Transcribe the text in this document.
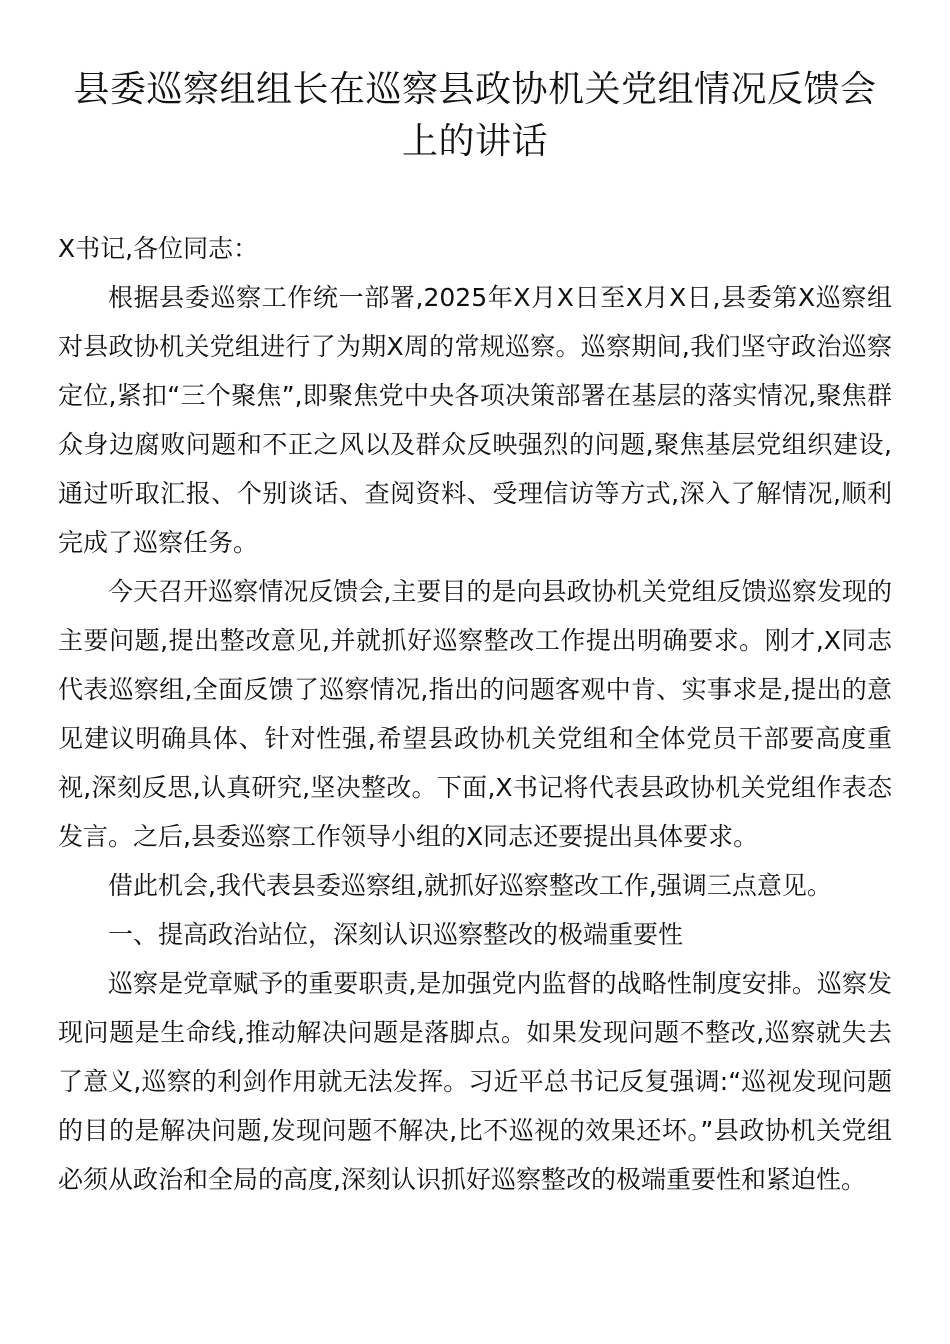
县委巡察组组长在巡察县政协机关党组情况反馈会上的讲话

X书记,各位同志：

根据县委巡察工作统一部署,2025年X月X日至X月X日,县委第X巡察组对县政协机关党组进行了为期X周的常规巡察。巡察期间,我们坚守政治巡察定位,紧扣“三个聚焦”,即聚焦党中央各项决策部署在基层的落实情况,聚焦群众身边腐败问题和不正之风以及群众反映强烈的问题,聚焦基层党组织建设,通过听取汇报、个别谈话、查阅资料、受理信访等方式,深入了解情况,顺利完成了巡察任务。

今天召开巡察情况反馈会,主要目的是向县政协机关党组反馈巡察发现的主要问题,提出整改意见,并就抓好巡察整改工作提出明确要求。刚才,X同志代表巡察组,全面反馈了巡察情况,指出的问题客观中肯、实事求是,提出的意见建议明确具体、针对性强,希望县政协机关党组和全体党员干部要高度重视,深刻反思,认真研究,坚决整改。下面,X书记将代表县政协机关党组作表态发言。之后,县委巡察工作领导小组的X同志还要提出具体要求。

借此机会,我代表县委巡察组,就抓好巡察整改工作,强调三点意见。

一、提高政治站位，深刻认识巡察整改的极端重要性

巡察是党章赋予的重要职责,是加强党内监督的战略性制度安排。巡察发现问题是生命线,推动解决问题是落脚点。如果发现问题不整改,巡察就失去了意义,巡察的利剑作用就无法发挥。习近平总书记反复强调:“巡视发现问题的目的是解决问题,发现问题不解决,比不巡视的效果还坏。”县政协机关党组必须从政治和全局的高度,深刻认识抓好巡察整改的极端重要性和紧迫性。
